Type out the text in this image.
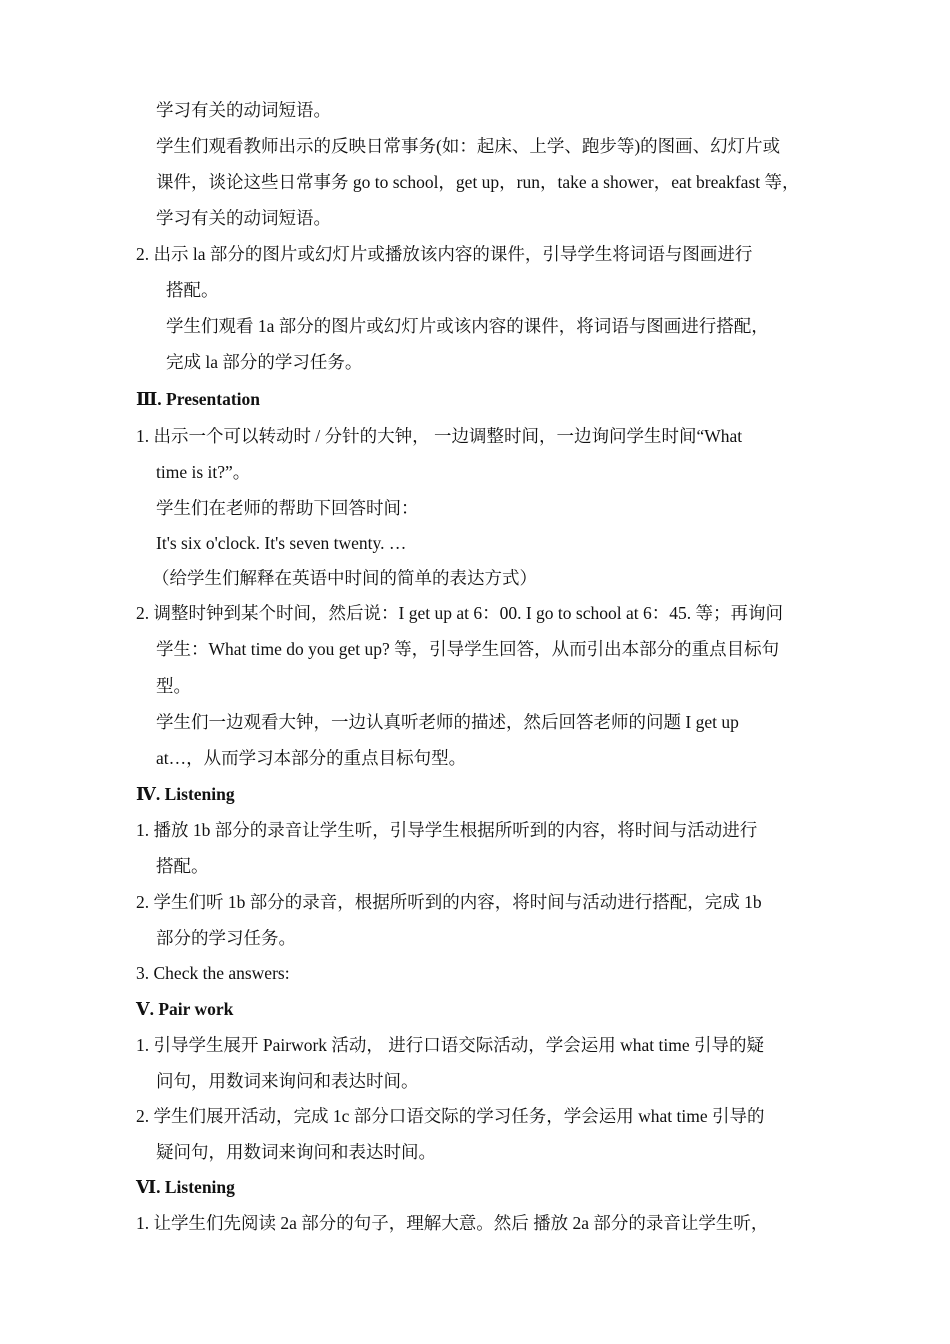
学习有关的动词短语。
学生们观看教师出示的反映日常事务(如：起床、上学、跑步等)的图画、幻灯片或
课件，谈论这些日常事务 go to school，get up，run，take a shower，eat breakfast 等，
学习有关的动词短语。
2. 出示 la 部分的图片或幻灯片或播放该内容的课件，引导学生将词语与图画进行
搭配。
学生们观看 1a 部分的图片或幻灯片或该内容的课件，将词语与图画进行搭配，
完成 la 部分的学习任务。
Ⅲ. Presentation
1. 出示一个可以转动时 / 分针的大钟， 一边调整时间，一边询问学生时间“What
time is it?”。
学生们在老师的帮助下回答时间：
It's six o'clock. It's seven twenty. …
（给学生们解释在英语中时间的简单的表达方式）
2. 调整时钟到某个时间，然后说：I get up at 6：00. I go to school at 6：45. 等；再询问
学生：What time do you get up? 等，引导学生回答，从而引出本部分的重点目标句
型。
学生们一边观看大钟，一边认真听老师的描述，然后回答老师的问题 I get up
at…，从而学习本部分的重点目标句型。
Ⅳ. Listening
1. 播放 1b 部分的录音让学生听，引导学生根据所听到的内容，将时间与活动进行
搭配。
2. 学生们听 1b 部分的录音，根据所听到的内容，将时间与活动进行搭配，完成 1b
部分的学习任务。
3. Check the answers:
Ⅴ. Pair work
1. 引导学生展开 Pairwork 活动， 进行口语交际活动，学会运用 what time 引导的疑
问句，用数词来询问和表达时间。
2. 学生们展开活动，完成 1c 部分口语交际的学习任务，学会运用 what time 引导的
疑问句，用数词来询问和表达时间。
Ⅵ. Listening
1. 让学生们先阅读 2a 部分的句子，理解大意。然后 播放 2a 部分的录音让学生听，
